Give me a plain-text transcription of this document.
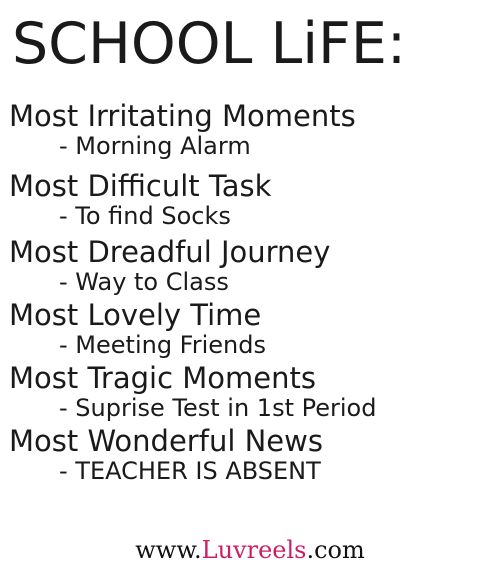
SCHOOL LiFE:
Most Irritating Moments
- Morning Alarm
Most Difficult Task
- To find Socks
Most Dreadful Journey
- Way to Class
Most Lovely Time
- Meeting Friends
Most Tragic Moments
- Suprise Test in 1st Period
Most Wonderful News
- TEACHER IS ABSENT
www.Luvreels.com
